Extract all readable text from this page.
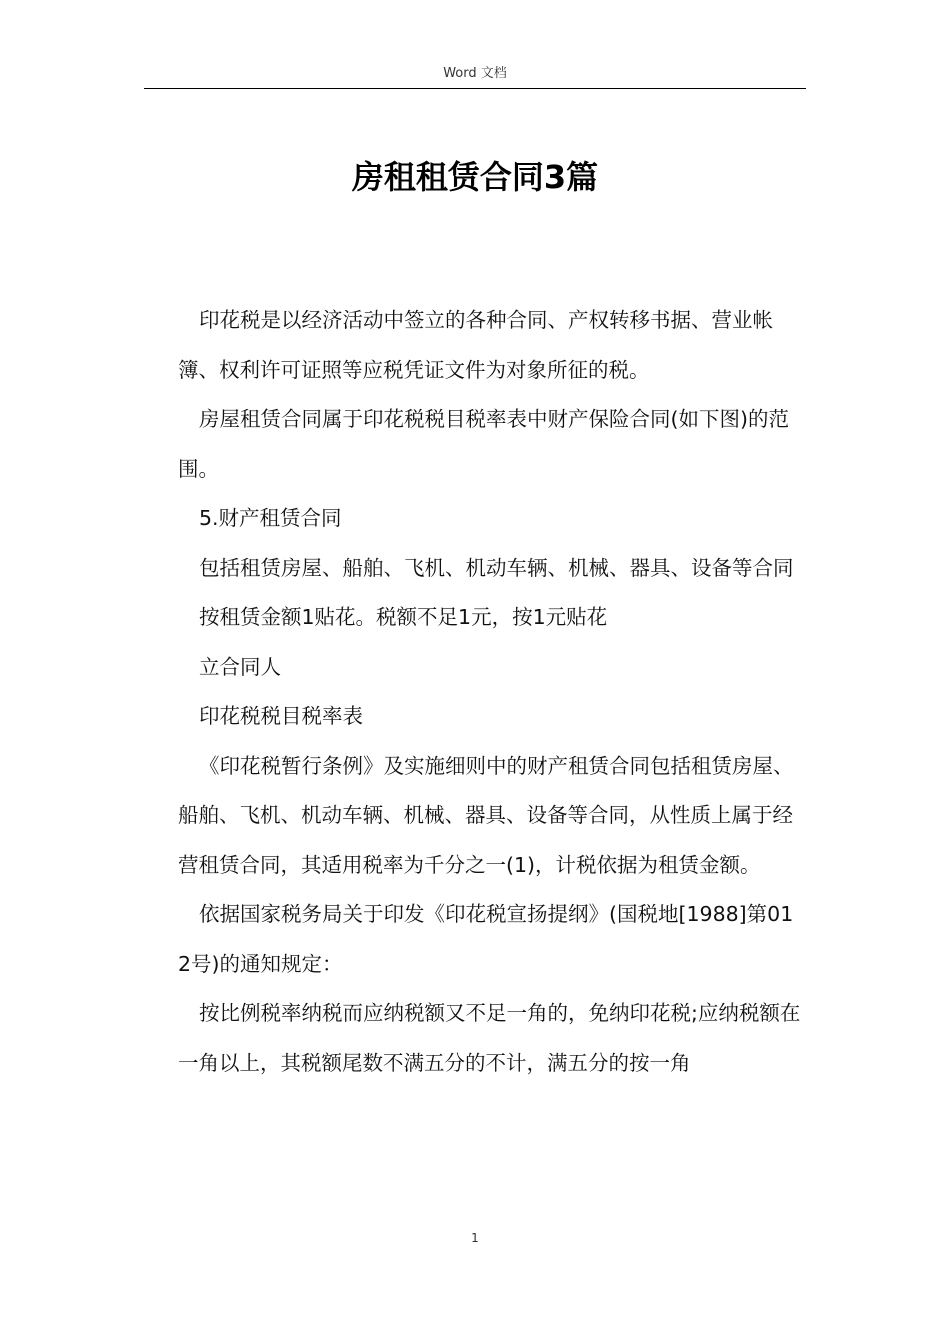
Word 文档
房租租赁合同3篇

印花税是以经济活动中签立的各种合同、产权转移书据、营业帐簿、权利许可证照等应税凭证文件为对象所征的税。

房屋租赁合同属于印花税税目税率表中财产保险合同(如下图)的范围。

5.财产租赁合同

包括租赁房屋、船舶、飞机、机动车辆、机械、器具、设备等合同

按租赁金额1贴花。税额不足1元，按1元贴花

立合同人

印花税税目税率表

《印花税暂行条例》及实施细则中的财产租赁合同包括租赁房屋、船舶、飞机、机动车辆、机械、器具、设备等合同，从性质上属于经营租赁合同，其适用税率为千分之一(1)，计税依据为租赁金额。

依据国家税务局关于印发《印花税宣扬提纲》(国税地[1988]第012号)的通知规定：

按比例税率纳税而应纳税额又不足一角的，免纳印花税;应纳税额在一角以上，其税额尾数不满五分的不计，满五分的按一角

1
